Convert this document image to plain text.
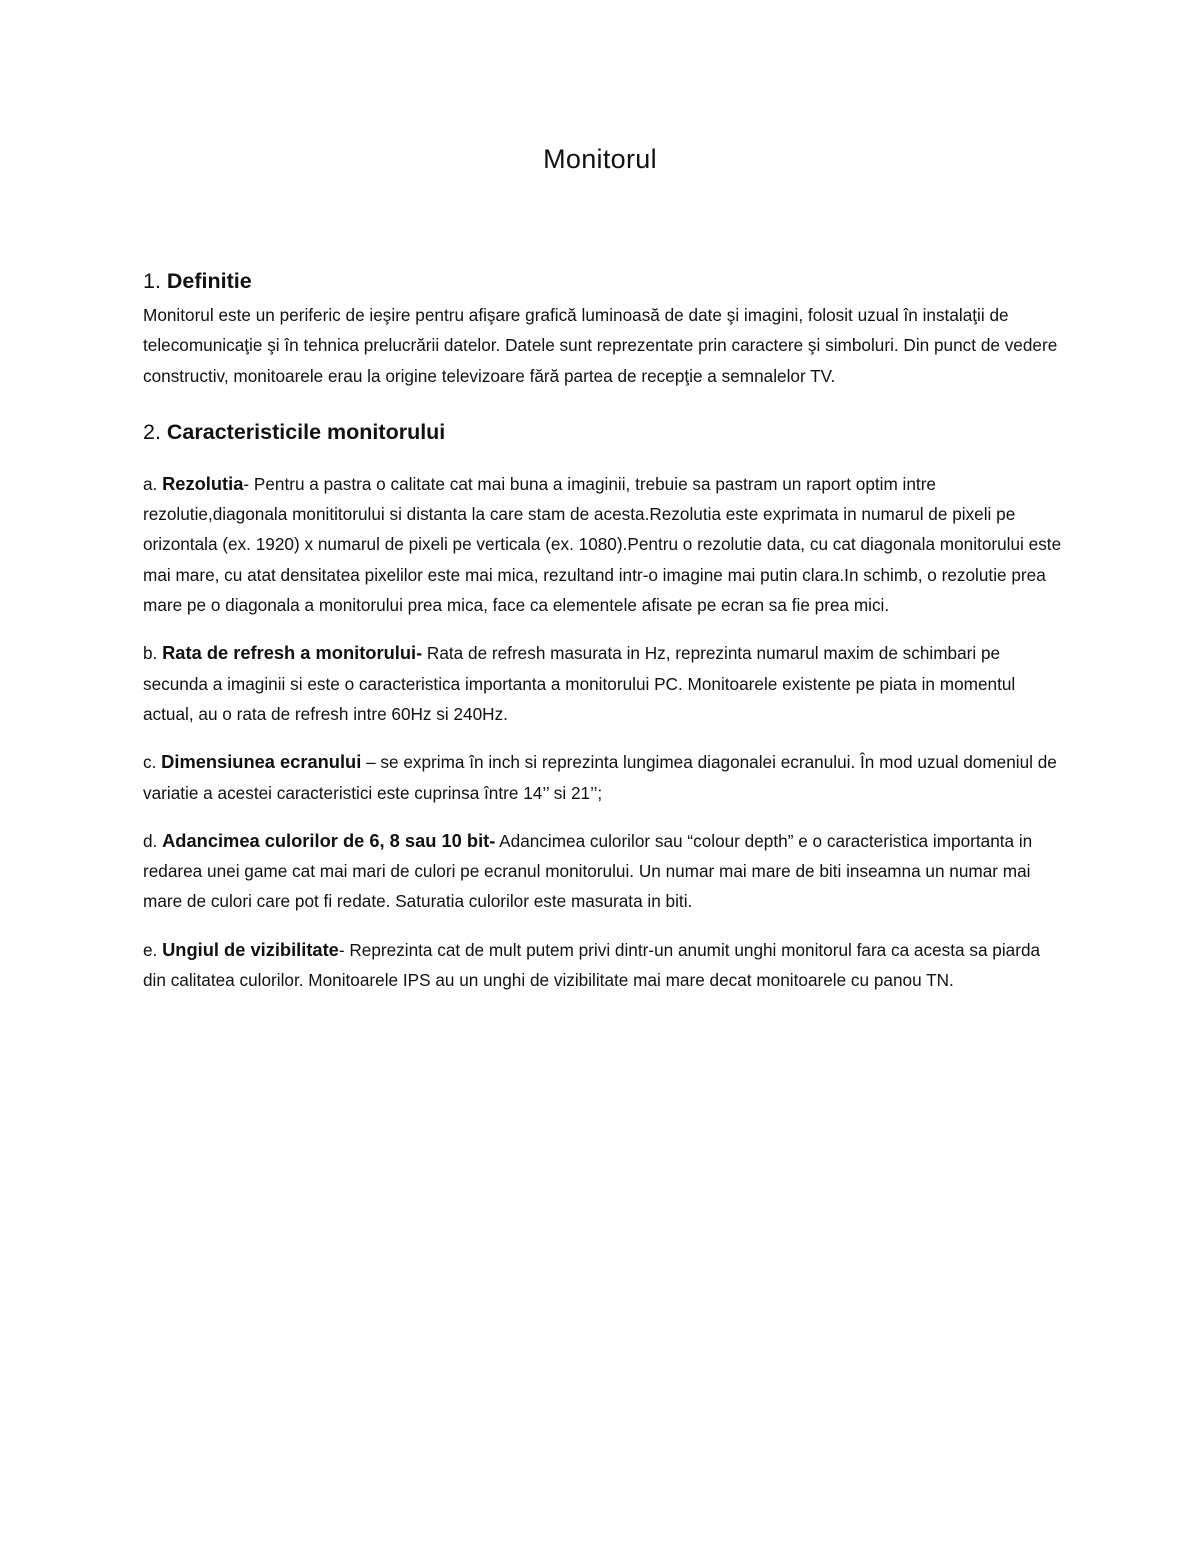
Monitorul
1. Definitie

Monitorul este un periferic de ieşire pentru afişare grafică luminoasă de date şi imagini, folosit uzual în instalaţii de telecomunicaţie şi în tehnica prelucrării datelor. Datele sunt reprezentate prin caractere şi simboluri. Din punct de vedere constructiv, monitoarele erau la origine televizoare fără partea de recepţie a semnalelor TV.

2. Caracteristicile monitorului

a. Rezolutia- Pentru a pastra o calitate cat mai buna a imaginii, trebuie sa pastram un raport optim intre rezolutie,diagonala monititorului si distanta la care stam de acesta.Rezolutia este exprimata in numarul de pixeli pe orizontala (ex. 1920) x numarul de pixeli pe verticala (ex. 1080).Pentru o rezolutie data, cu cat diagonala monitorului este mai mare, cu atat densitatea pixelilor este mai mica, rezultand intr-o imagine mai putin clara.In schimb, o rezolutie prea mare pe o diagonala a monitorului prea mica, face ca elementele afisate pe ecran sa fie prea mici.

b. Rata de refresh a monitorului- Rata de refresh masurata in Hz, reprezinta numarul maxim de schimbari pe secunda a imaginii si este o caracteristica importanta a monitorului PC. Monitoarele existente pe piata in momentul actual, au o rata de refresh intre 60Hz si 240Hz.

c. Dimensiunea ecranului – se exprima în inch si reprezinta lungimea diagonalei ecranului. În mod uzual domeniul de variatie a acestei caracteristici este cuprinsa între 14’’ si 21’’;

d. Adancimea culorilor de 6, 8 sau 10 bit- Adancimea culorilor sau “colour depth” e o caracteristica importanta in redarea unei game cat mai mari de culori pe ecranul monitorului. Un numar mai mare de biti inseamna un numar mai mare de culori care pot fi redate. Saturatia culorilor este masurata in biti.

e. Ungiul de vizibilitate- Reprezinta cat de mult putem privi dintr-un anumit unghi monitorul fara ca acesta sa piarda din calitatea culorilor. Monitoarele IPS au un unghi de vizibilitate mai mare decat monitoarele cu panou TN.
